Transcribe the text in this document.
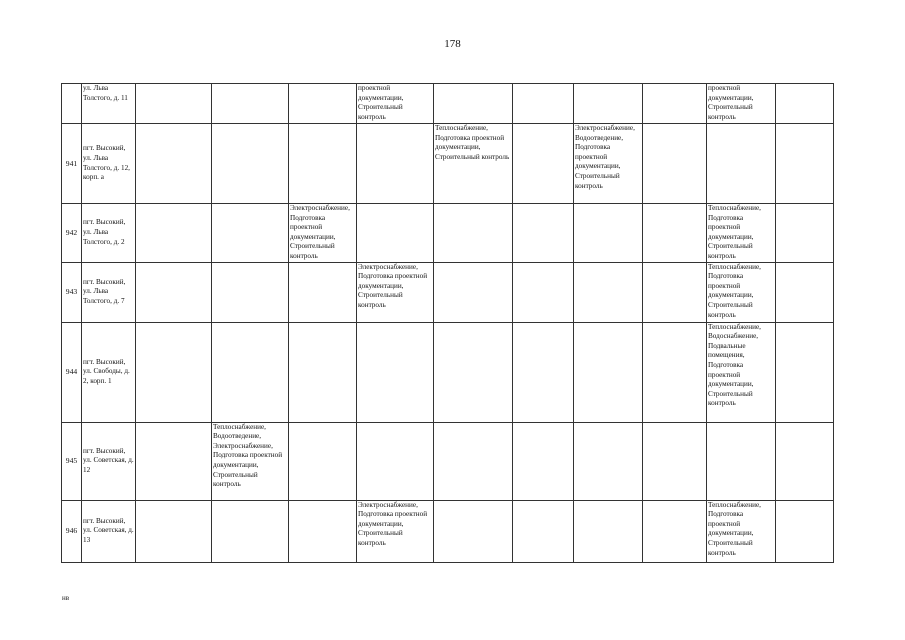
178
	ул. Льва Толстого, д. 11				проектной документации, Строительный контроль					проектной документации, Строительный контроль	
941	пгт. Высокий, ул. Льва Толстого, д. 12, корп. а					Теплоснабжение, Подготовка проектной документации, Строительный контроль		Электроснабжение, Водоотведение, Подготовка проектной документации, Строительный контроль			
942	пгт. Высокий, ул. Льва Толстого, д. 2			Электроснабжение, Подготовка проектной документации, Строительный контроль						Теплоснабжение, Подготовка проектной документации, Строительный контроль	
943	пгт. Высокий, ул. Льва Толстого, д. 7				Электроснабжение, Подготовка проектной документации, Строительный контроль					Теплоснабжение, Подготовка проектной документации, Строительный контроль	
944	пгт. Высокий, ул. Свободы, д. 2, корп. 1									Теплоснабжение, Водоснабжение, Подвальные помещения, Подготовка проектной документации, Строительный контроль	
945	пгт. Высокий, ул. Советская, д. 12		Теплоснабжение, Водоотведение, Электроснабжение, Подготовка проектной документации, Строительный контроль								
946	пгт. Высокий, ул. Советская, д. 13				Электроснабжение, Подготовка проектной документации, Строительный контроль					Теплоснабжение, Подготовка проектной документации, Строительный контроль	
нв
